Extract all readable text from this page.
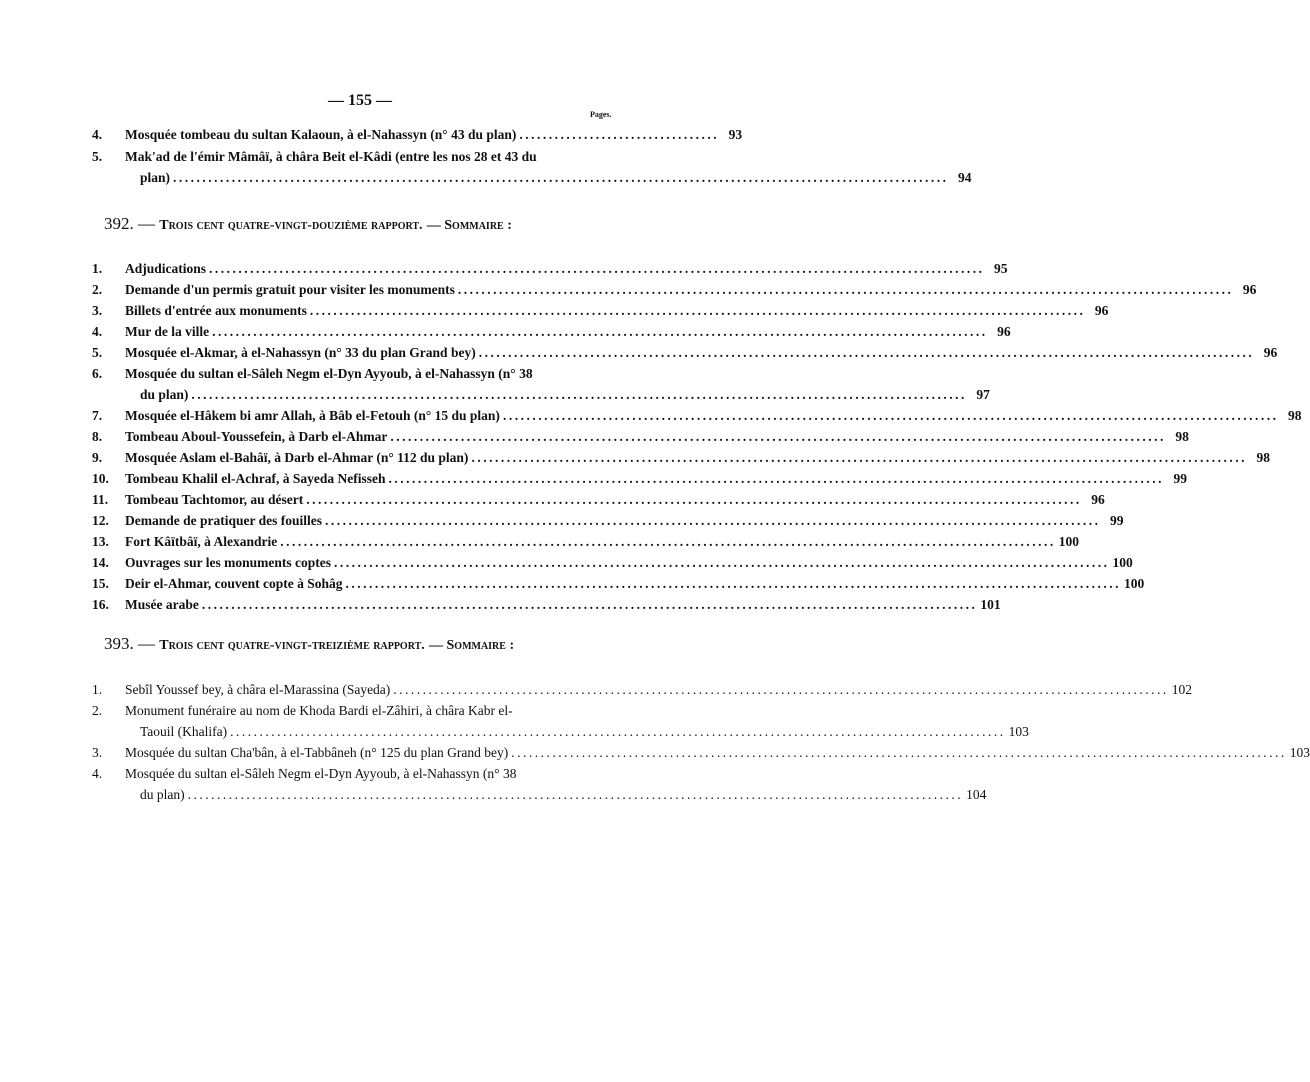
— 155 —
Pages.
4.	Mosquée tombeau du sultan Kalaoun, à el-Nahassyn (n° 43 du plan) .................................. 93
5.	Mak'ad de l'émir Mâmâï, à châra Beit el-Kâdi (entre les nos 28 et 43 du
plan) .................................................................................................................................... 94
392. — Trois cent quatre-vingt-douzième rapport. — Sommaire :
1.	Adjudications .................................................................................................................................... 95
2.	Demande d'un permis gratuit pour visiter les monuments .................................................................................................................................... 96
3.	Billets d'entrée aux monuments .................................................................................................................................... 96
4.	Mur de la ville .................................................................................................................................... 96
5.	Mosquée el-Akmar, à el-Nahassyn (n° 33 du plan Grand bey) .................................................................................................................................... 96
6.	Mosquée du sultan el-Sâleh Negm el-Dyn Ayyoub, à el-Nahassyn (n° 38
du plan) .................................................................................................................................... 97
7.	Mosquée el-Hâkem bi amr Allah, à Bâb el-Fetouh (n° 15 du plan) .................................................................................................................................... 98
8.	Tombeau Aboul-Youssefein, à Darb el-Ahmar .................................................................................................................................... 98
9.	Mosquée Aslam el-Bahâï, à Darb el-Ahmar (n° 112 du plan) .................................................................................................................................... 98
10.	Tombeau Khalil el-Achraf, à Sayeda Nefisseh .................................................................................................................................... 99
11.	Tombeau Tachtomor, au désert .................................................................................................................................... 96
12.	Demande de pratiquer des fouilles .................................................................................................................................... 99
13.	Fort Kâïtbâï, à Alexandrie .................................................................................................................................... 100
14.	Ouvrages sur les monuments coptes .................................................................................................................................... 100
15.	Deir el-Ahmar, couvent copte à Sohâg .................................................................................................................................... 100
16.	Musée arabe .................................................................................................................................... 101
393. — Trois cent quatre-vingt-treizième rapport. — Sommaire :
1.	Sebîl Youssef bey, à châra el-Marassina (Sayeda) .................................................................................................................................... 102
2.	Monument funéraire au nom de Khoda Bardi el-Zâhiri, à châra Kabr el-
Taouil (Khalifa) .................................................................................................................................... 103
3.	Mosquée du sultan Cha'bân, à el-Tabbâneh (n° 125 du plan Grand bey) .................................................................................................................................... 103
4.	Mosquée du sultan el-Sâleh Negm el-Dyn Ayyoub, à el-Nahassyn (n° 38
du plan) .................................................................................................................................... 104
